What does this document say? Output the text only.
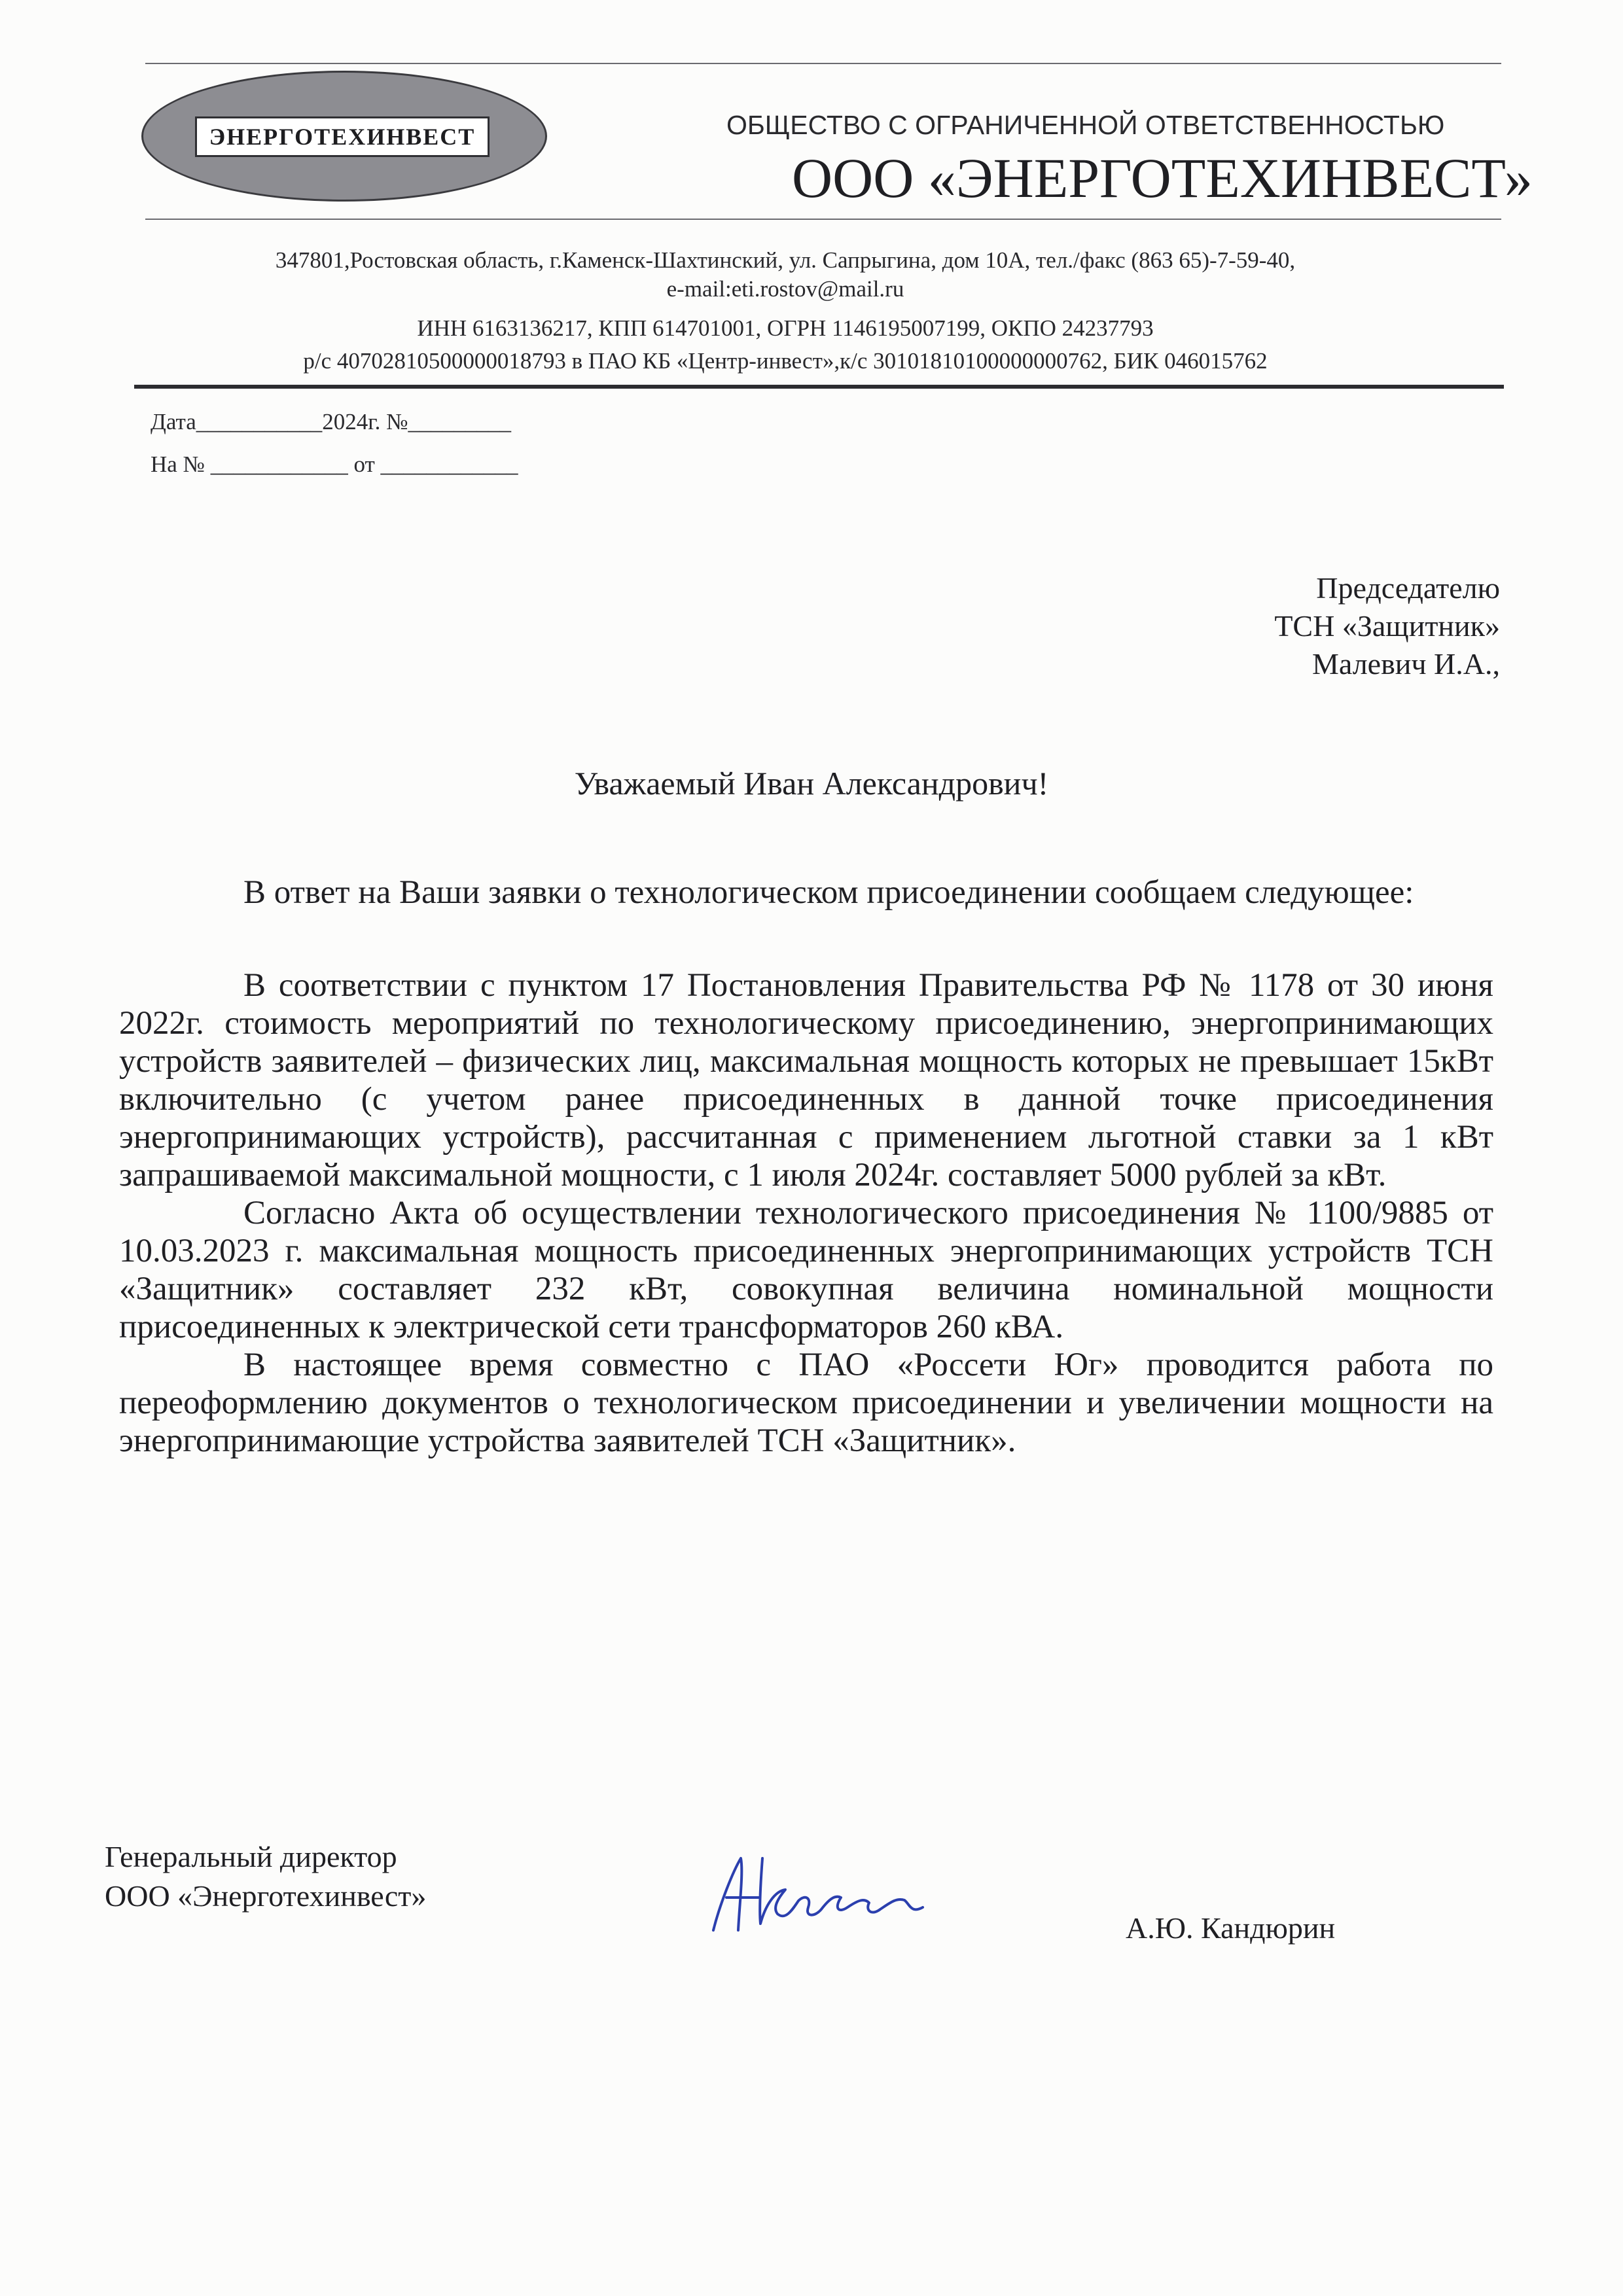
ЭНЕРГОТЕХИНВЕСТ	ОБЩЕСТВО С ОГРАНИЧЕННОЙ ОТВЕТСТВЕННОСТЬЮ
ООО «ЭНЕРГОТЕХИНВЕСТ»
347801,Ростовская область, г.Каменск-Шахтинский, ул. Сапрыгина, дом 10А, тел./факс (863 65)-7-59-40,
e-mail:eti.rostov@mail.ru
ИНН 6163136217, КПП 614701001, ОГРН 1146195007199, ОКПО 24237793
р/с 40702810500000018793 в ПАО КБ «Центр-инвест»,к/с 30101810100000000762, БИК 046015762
Дата___________2024г. №_________
На № ____________ от ____________
Председателю
ТСН «Защитник»
Малевич И.А.,
Уважаемый Иван Александрович!

В ответ на Ваши заявки о технологическом присоединении сообщаем следующее:

В соответствии с пунктом 17 Постановления Правительства РФ № 1178 от 30 июня 2022г. стоимость мероприятий по технологическому присоединению, энергопринимающих устройств заявителей – физических лиц, максимальная мощность которых не превышает 15кВт включительно (с учетом ранее присоединенных в данной точке присоединения энергопринимающих устройств), рассчитанная с применением льготной ставки за 1 кВт запрашиваемой максимальной мощности, с 1 июля 2024г. составляет 5000 рублей за кВт.

Согласно Акта об осуществлении технологического присоединения № 1100/9885 от 10.03.2023 г. максимальная мощность присоединенных энергопринимающих устройств ТСН «Защитник» составляет 232 кВт, совокупная величина номинальной мощности присоединенных к электрической сети трансформаторов 260 кВА.

В настоящее время совместно с ПАО «Россети Юг» проводится работа по переоформлению документов о технологическом присоединении и увеличении мощности на энергопринимающие устройства заявителей ТСН «Защитник».

Генеральный директор
ООО «Энерготехинвест»
А.Ю. Кандюрин
